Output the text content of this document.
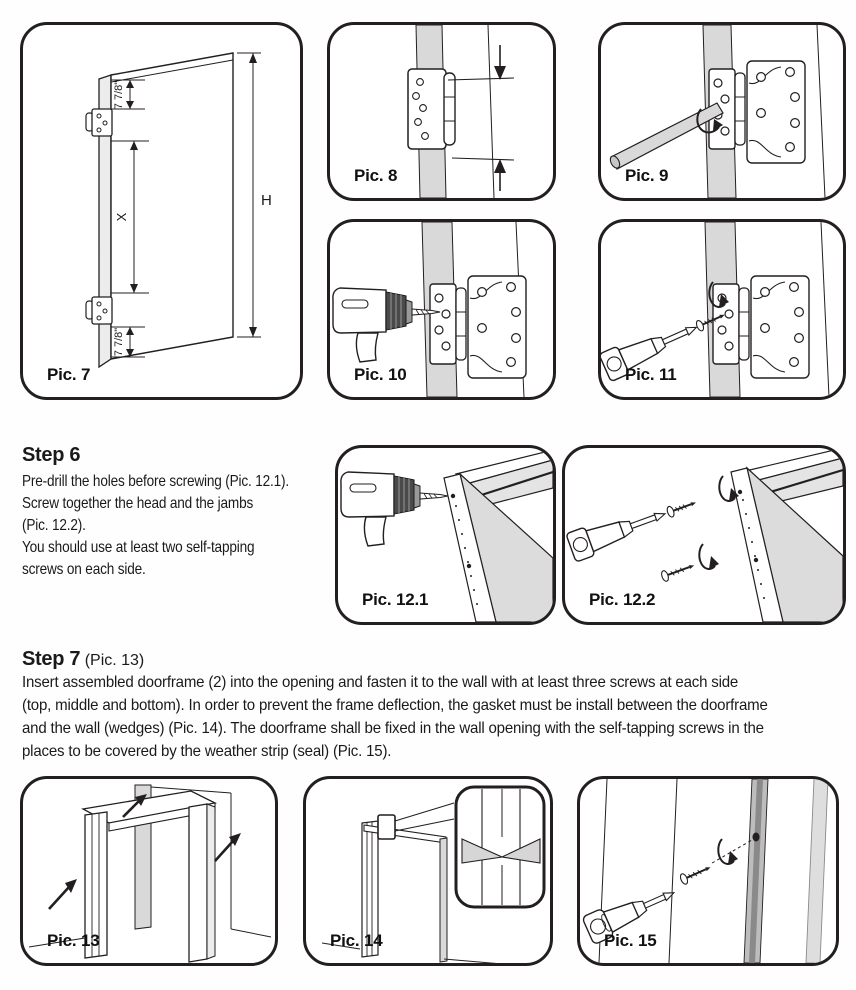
7 7/8"
X
7 7/8"
H
Pic. 7
Pic. 8	Pic. 9
Pic. 10	Pic. 11
Step 6
Pre-drill the holes before screwing (Pic. 12.1).
Screw together the head and the jambs
(Pic. 12.2).
You should use at least two self-tapping
screws on each side.
Pic. 12.1	Pic. 12.2
Step 7 (Pic. 13)
Insert assembled doorframe (2) into the opening and fasten it to the wall with at least three screws at each side
(top, middle and bottom). In order to prevent the frame deflection, the gasket must be install between the doorframe
and the wall (wedges) (Pic. 14). The doorframe shall be fixed in the wall opening with the self-tapping screws in the
places to be covered by the weather strip (seal) (Pic. 15).
Pic. 13	Pic. 14	Pic. 15
